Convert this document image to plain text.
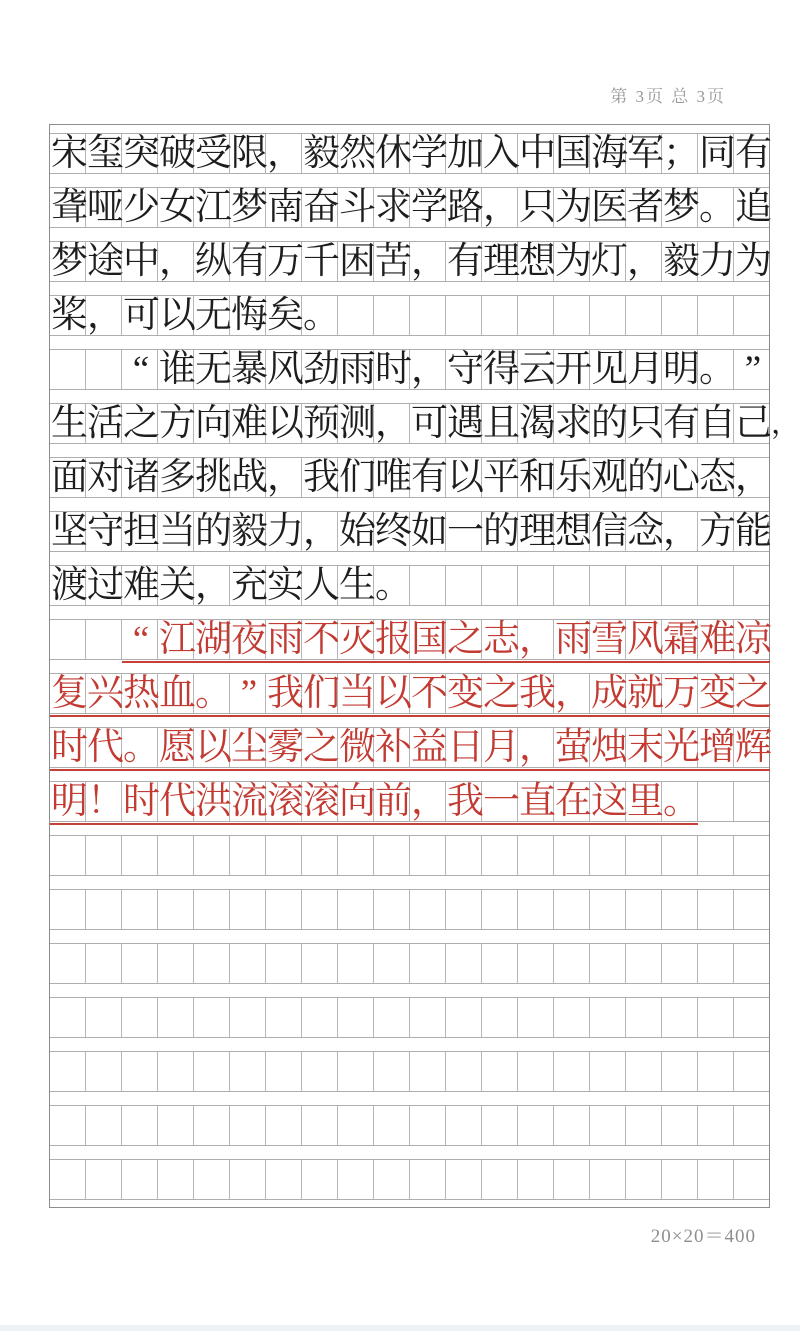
第 3页 总 3页
宋玺突破受限，毅然休学加入中国海军；同有
聋哑少女江梦南奋斗求学路，只为医者梦。追
梦途中，纵有万千困苦，有理想为灯，毅力为
桨，可以无悔矣。
“ 谁无暴风劲雨时，守得云开见月明。 ”
生活之方向难以预测，可遇且渴求的只有自己，
面对诸多挑战，我们唯有以平和乐观的心态，
坚守担当的毅力，始终如一的理想信念，方能
渡过难关，充实人生。
“ 江湖夜雨不灭报国之志，雨雪风霜难凉
复兴热血。 ” 我们当以不变之我，成就万变之
时代。愿以尘雾之微补益日月，萤烛末光增辉
明！时代洪流滚滚向前，我一直在这里。
20×20＝400
